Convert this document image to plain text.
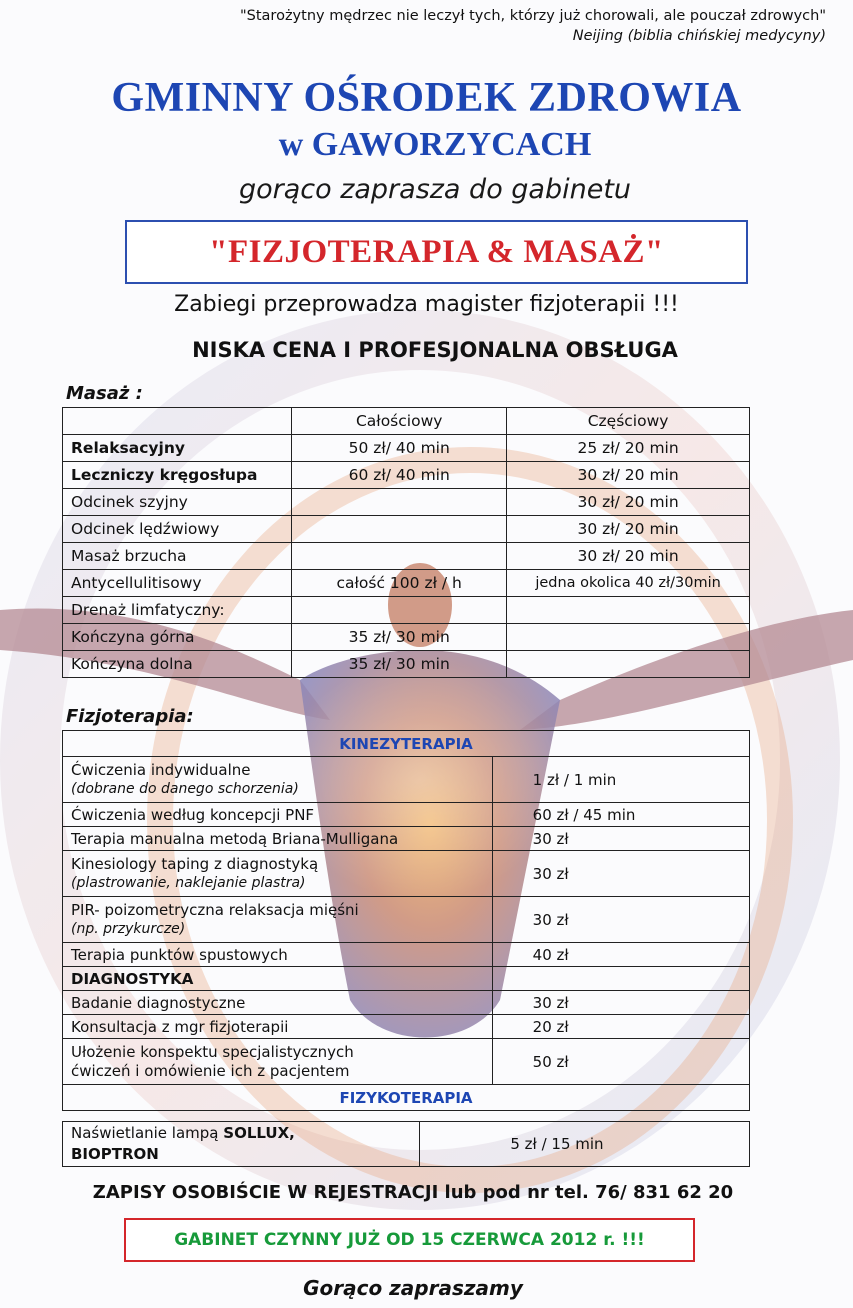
"Starożytny mędrzec nie leczył tych, którzy już chorowali, ale pouczał zdrowych"
Neijing (biblia chińskiej medycyny)
GMINNY OŚRODEK ZDROWIA
w GAWORZYCACH
gorąco zaprasza do gabinetu
"FIZJOTERAPIA & MASAŻ"
Zabiegi przeprowadza magister fizjoterapii !!!
NISKA CENA I PROFESJONALNA OBSŁUGA
Masaż :
	Całościowy	Częściowy
Relaksacyjny	50 zł/ 40 min	25 zł/ 20 min
Leczniczy kręgosłupa	60 zł/ 40 min	30 zł/ 20 min
Odcinek szyjny		30 zł/ 20 min
Odcinek lędźwiowy		30 zł/ 20 min
Masaż brzucha		30 zł/ 20 min
Antycellulitisowy	całość 100 zł / h	jedna okolica 40 zł/30min
Drenaż limfatyczny:		
Kończyna górna	35 zł/ 30 min	
Kończyna dolna	35 zł/ 30 min	
Fizjoterapia:
KINEZYTERAPIA	

Ćwiczenia indywidualne
(dobrane do danego schorzenia)	1 zł / 1 min
Ćwiczenia według koncepcji PNF	60 zł / 45 min
Terapia manualna metodą Briana-Mulligana	30 zł

Kinesiology taping z diagnostyką
(plastrowanie, naklejanie plastra)	30 zł

PIR- poizometryczna relaksacja mięśni
(np. przykurcze)	30 zł
Terapia punktów spustowych	40 zł
DIAGNOSTYKA	
Badanie diagnostyczne	30 zł
Konsultacja z mgr fizjoterapii	20 zł

Ułożenie konspektu specjalistycznych
ćwiczeń i omówienie ich z pacjentem	50 zł
FIZYKOTERAPIA	
Naświetlanie lampą SOLLUX,
BIOPTRON
	5 zł / 15 min
ZAPISY OSOBIŚCIE W REJESTRACJI lub pod nr tel. 76/ 831 62 20
GABINET CZYNNY JUŻ OD 15 CZERWCA 2012 r. !!!
Gorąco zapraszamy
